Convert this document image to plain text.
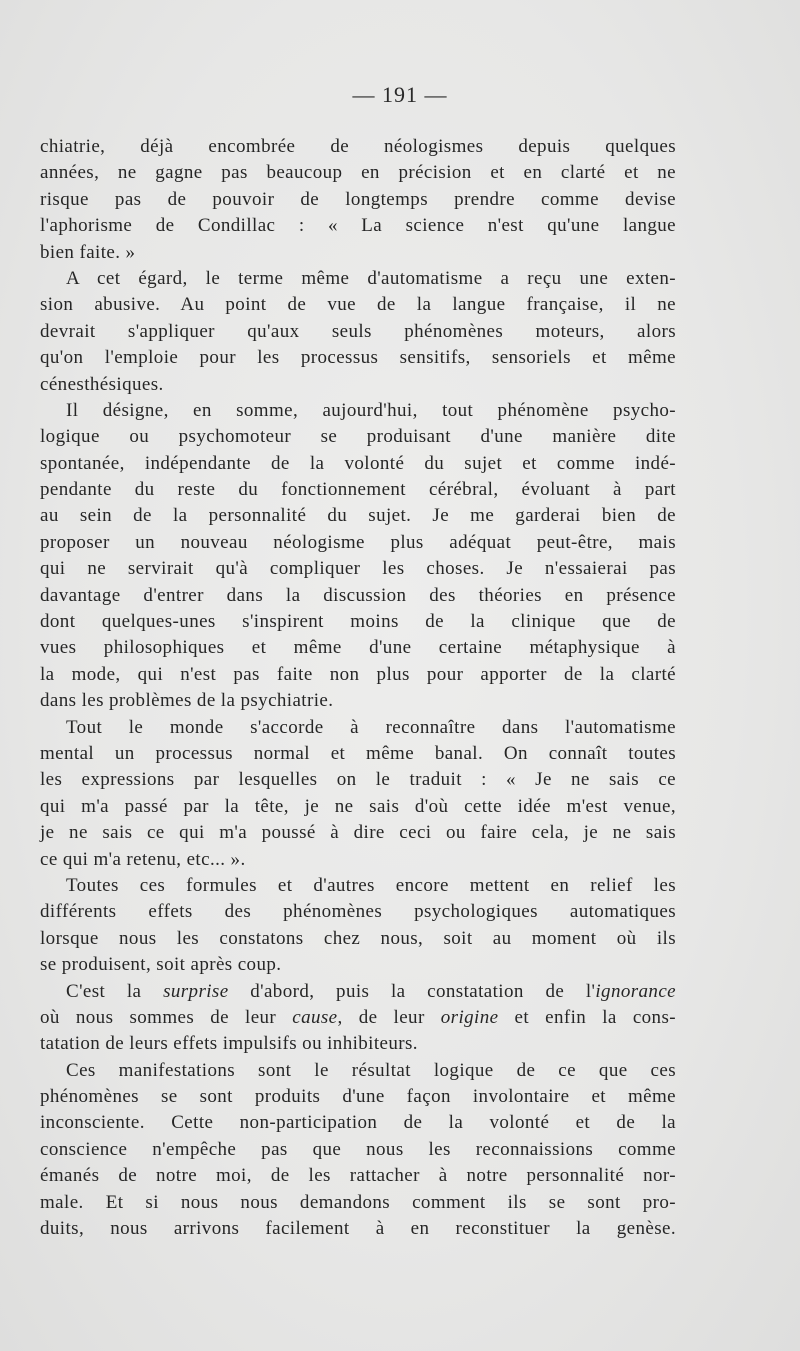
— 191 —
chiatrie, déjà encombrée de néologismes depuis quelques
années, ne gagne pas beaucoup en précision et en clarté et ne
risque pas de pouvoir de longtemps prendre comme devise
l'aphorisme de Condillac : « La science n'est qu'une langue
bien faite. »
A cet égard, le terme même d'automatisme a reçu une exten-
sion abusive. Au point de vue de la langue française, il ne
devrait s'appliquer qu'aux seuls phénomènes moteurs, alors
qu'on l'emploie pour les processus sensitifs, sensoriels et même
cénesthésiques.
Il désigne, en somme, aujourd'hui, tout phénomène psycho-
logique ou psychomoteur se produisant d'une manière dite
spontanée, indépendante de la volonté du sujet et comme indé-
pendante du reste du fonctionnement cérébral, évoluant à part
au sein de la personnalité du sujet. Je me garderai bien de
proposer un nouveau néologisme plus adéquat peut-être, mais
qui ne servirait qu'à compliquer les choses. Je n'essaierai pas
davantage d'entrer dans la discussion des théories en présence
dont quelques-unes s'inspirent moins de la clinique que de
vues philosophiques et même d'une certaine métaphysique à
la mode, qui n'est pas faite non plus pour apporter de la clarté
dans les problèmes de la psychiatrie.
Tout le monde s'accorde à reconnaître dans l'automatisme
mental un processus normal et même banal. On connaît toutes
les expressions par lesquelles on le traduit : « Je ne sais ce
qui m'a passé par la tête, je ne sais d'où cette idée m'est venue,
je ne sais ce qui m'a poussé à dire ceci ou faire cela, je ne sais
ce qui m'a retenu, etc... ».
Toutes ces formules et d'autres encore mettent en relief les
différents effets des phénomènes psychologiques automatiques
lorsque nous les constatons chez nous, soit au moment où ils
se produisent, soit après coup.
C'est la surprise d'abord, puis la constatation de l'ignorance
où nous sommes de leur cause, de leur origine et enfin la cons-
tatation de leurs effets impulsifs ou inhibiteurs.
Ces manifestations sont le résultat logique de ce que ces
phénomènes se sont produits d'une façon involontaire et même
inconsciente. Cette non-participation de la volonté et de la
conscience n'empêche pas que nous les reconnaissions comme
émanés de notre moi, de les rattacher à notre personnalité nor-
male. Et si nous nous demandons comment ils se sont pro-
duits, nous arrivons facilement à en reconstituer la genèse.
